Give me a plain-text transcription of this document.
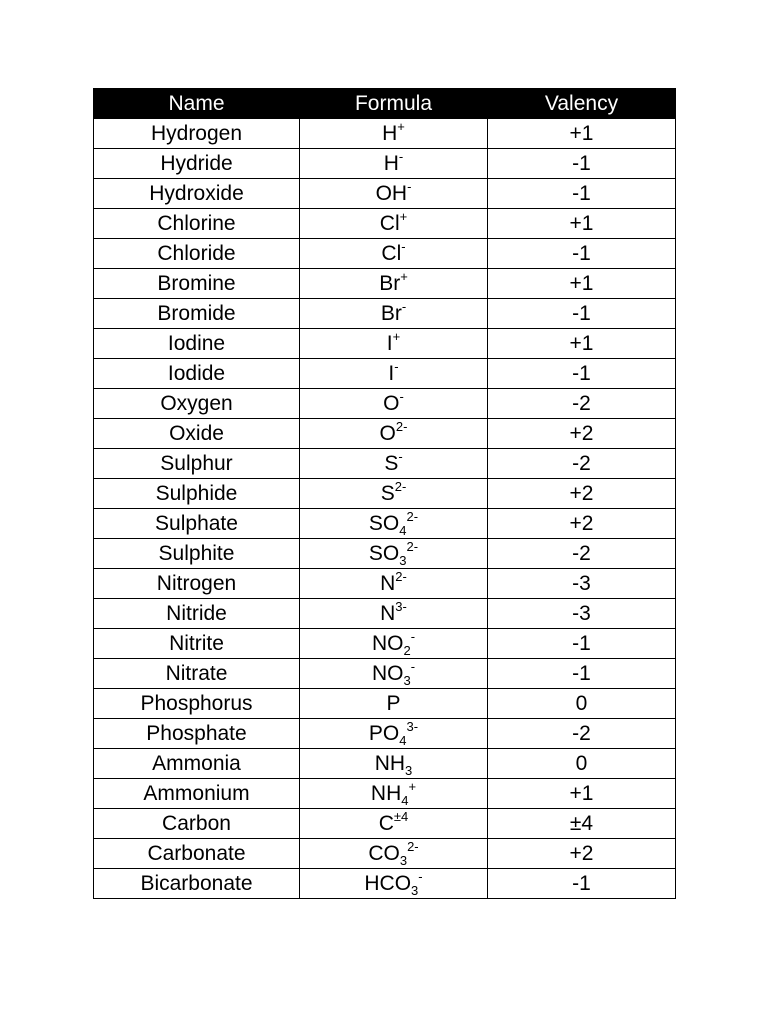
Name	Formula	Valency
Hydrogen	H+	+1
Hydride	H-	-1
Hydroxide	OH-	-1
Chlorine	Cl+	+1
Chloride	Cl-	-1
Bromine	Br+	+1
Bromide	Br-	-1
Iodine	I+	+1
Iodide	I-	-1
Oxygen	O-	-2
Oxide	$O^{2-}$	+2
Sulphur	S-	-2
Sulphide	$S^{2-}$	+2
Sulphate	$SO_4^{2-}$	+2
Sulphite	$SO_3^{2-}$	-2
Nitrogen	$N^{2-}$	-3
Nitride	$N^{3-}$	-3
Nitrite	$NO_2^-$	-1
Nitrate	$NO_3^-$	-1
Phosphorus	P	0
Phosphate	$PO_4^{3-}$	-2
Ammonia	$NH_3$	0
Ammonium	$NH_4^+$	+1
Carbon	$C^{\pm 4}$	±4
Carbonate	$CO_3^{2-}$	+2
Bicarbonate	$HCO_3^-$	-1
